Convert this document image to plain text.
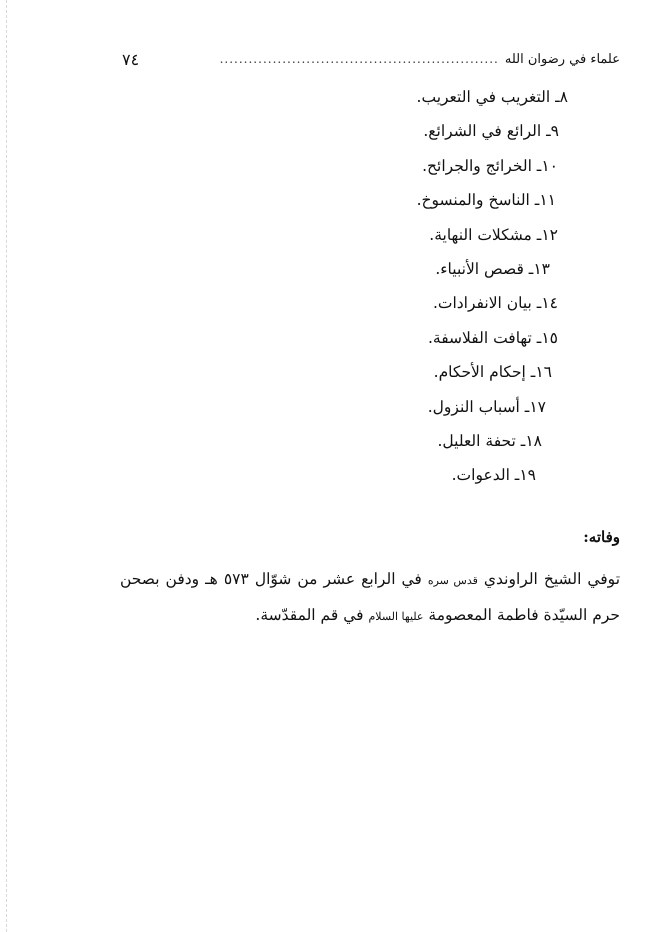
علماء في رضوان الله
..........................................................
٧٤
٨ـ التغريب في التعريب.
٩ـ الرائع في الشرائع.
١٠ـ الخرائج والجرائح.
١١ـ الناسخ والمنسوخ.
١٢ـ مشكلات النهاية.
١٣ـ قصص الأنبياء.
١٤ـ بيان الانفرادات.
١٥ـ تهافت الفلاسفة.
١٦ـ إحكام الأحكام.
١٧ـ أسباب النزول.
١٨ـ تحفة العليل.
١٩ـ الدعوات.
وفاته:

توفي الشيخ الراوندي قدس سره في الرابع عشر من شوّال ٥٧٣ هـ ودفن بصحن حرم السيّدة فاطمة المعصومة عليها السلام في قم المقدّسة.
